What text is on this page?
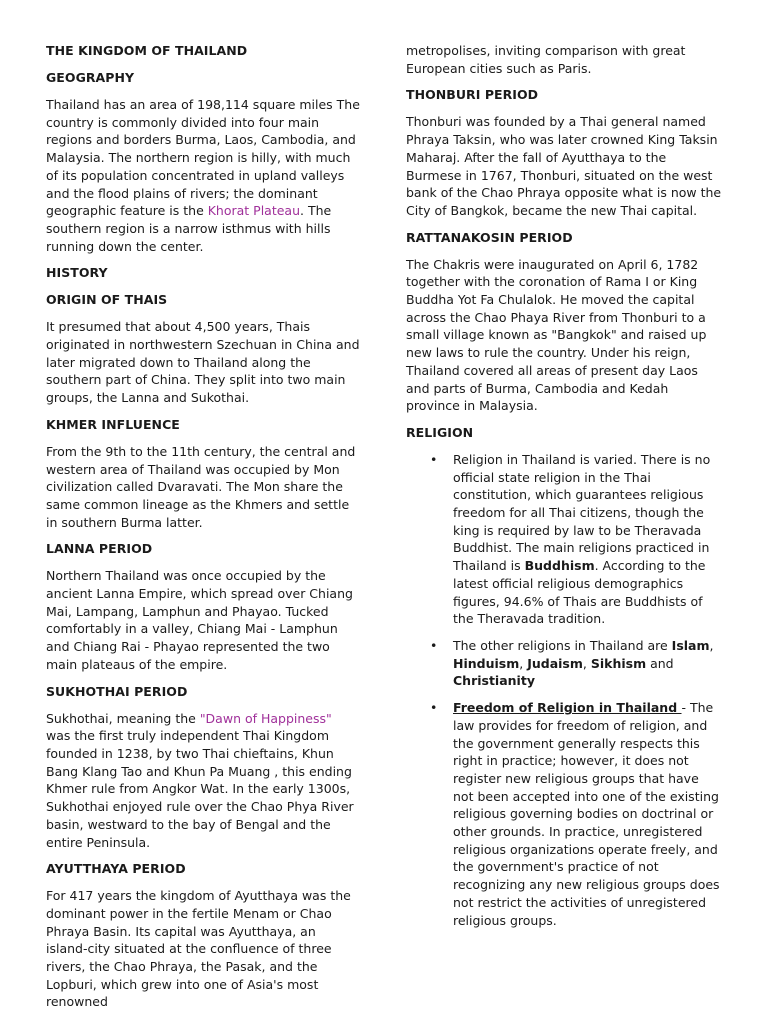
THE KINGDOM OF THAILAND
GEOGRAPHY

Thailand has an area of 198,114 square miles The country is commonly divided into four main regions and borders Burma, Laos, Cambodia, and Malaysia. The northern region is hilly, with much of its population concentrated in upland valleys and the flood plains of rivers; the dominant geographic feature is the Khorat Plateau. The southern region is a narrow isthmus with hills running down the center.

HISTORY
ORIGIN OF THAIS

It presumed that about 4,500 years, Thais originated in northwestern Szechuan in China and later migrated down to Thailand along the southern part of China. They split into two main groups, the Lanna and Sukothai.

KHMER INFLUENCE

From the 9th to the 11th century, the central and western area of Thailand was occupied by Mon civilization called Dvaravati. The Mon share the same common lineage as the Khmers and settle in southern Burma latter.

LANNA PERIOD

Northern Thailand was once occupied by the ancient Lanna Empire, which spread over Chiang Mai, Lampang, Lamphun and Phayao. Tucked comfortably in a valley, Chiang Mai - Lamphun and Chiang Rai - Phayao represented the two main plateaus of the empire.

SUKHOTHAI PERIOD

Sukhothai, meaning the "Dawn of Happiness" was the first truly independent Thai Kingdom founded in 1238, by two Thai chieftains, Khun Bang Klang Tao and Khun Pa Muang , this ending Khmer rule from Angkor Wat. In the early 1300s, Sukhothai enjoyed rule over the Chao Phya River basin, westward to the bay of Bengal and the entire Peninsula.

AYUTTHAYA PERIOD

For 417 years the kingdom of Ayutthaya was the dominant power in the fertile Menam or Chao Phraya Basin. Its capital was Ayutthaya, an island-city situated at the confluence of three rivers, the Chao Phraya, the Pasak, and the Lopburi, which grew into one of Asia's most renowned

metropolises, inviting comparison with great European cities such as Paris.

THONBURI PERIOD

Thonburi was founded by a Thai general named Phraya Taksin, who was later crowned King Taksin Maharaj. After the fall of Ayutthaya to the Burmese in 1767, Thonburi, situated on the west bank of the Chao Phraya opposite what is now the City of Bangkok, became the new Thai capital.

RATTANAKOSIN PERIOD

The Chakris were inaugurated on April 6, 1782 together with the coronation of Rama I or King Buddha Yot Fa Chulalok. He moved the capital across the Chao Phaya River from Thonburi to a small village known as "Bangkok" and raised up new laws to rule the country. Under his reign, Thailand covered all areas of present day Laos and parts of Burma, Cambodia and Kedah province in Malaysia.

RELIGION
• Religion in Thailand is varied. There is no official state religion in the Thai constitution, which guarantees religious freedom for all Thai citizens, though the king is required by law to be Theravada Buddhist. The main religions practiced in Thailand is Buddhism. According to the latest official religious demographics figures, 94.6% of Thais are Buddhists of the Theravada tradition.
• The other religions in Thailand are Islam, Hinduism, Judaism, Sikhism and Christianity
• Freedom of Religion in Thailand - The law provides for freedom of religion, and the government generally respects this right in practice; however, it does not register new religious groups that have not been accepted into one of the existing religious governing bodies on doctrinal or other grounds. In practice, unregistered religious organizations operate freely, and the government's practice of not recognizing any new religious groups does not restrict the activities of unregistered religious groups.
